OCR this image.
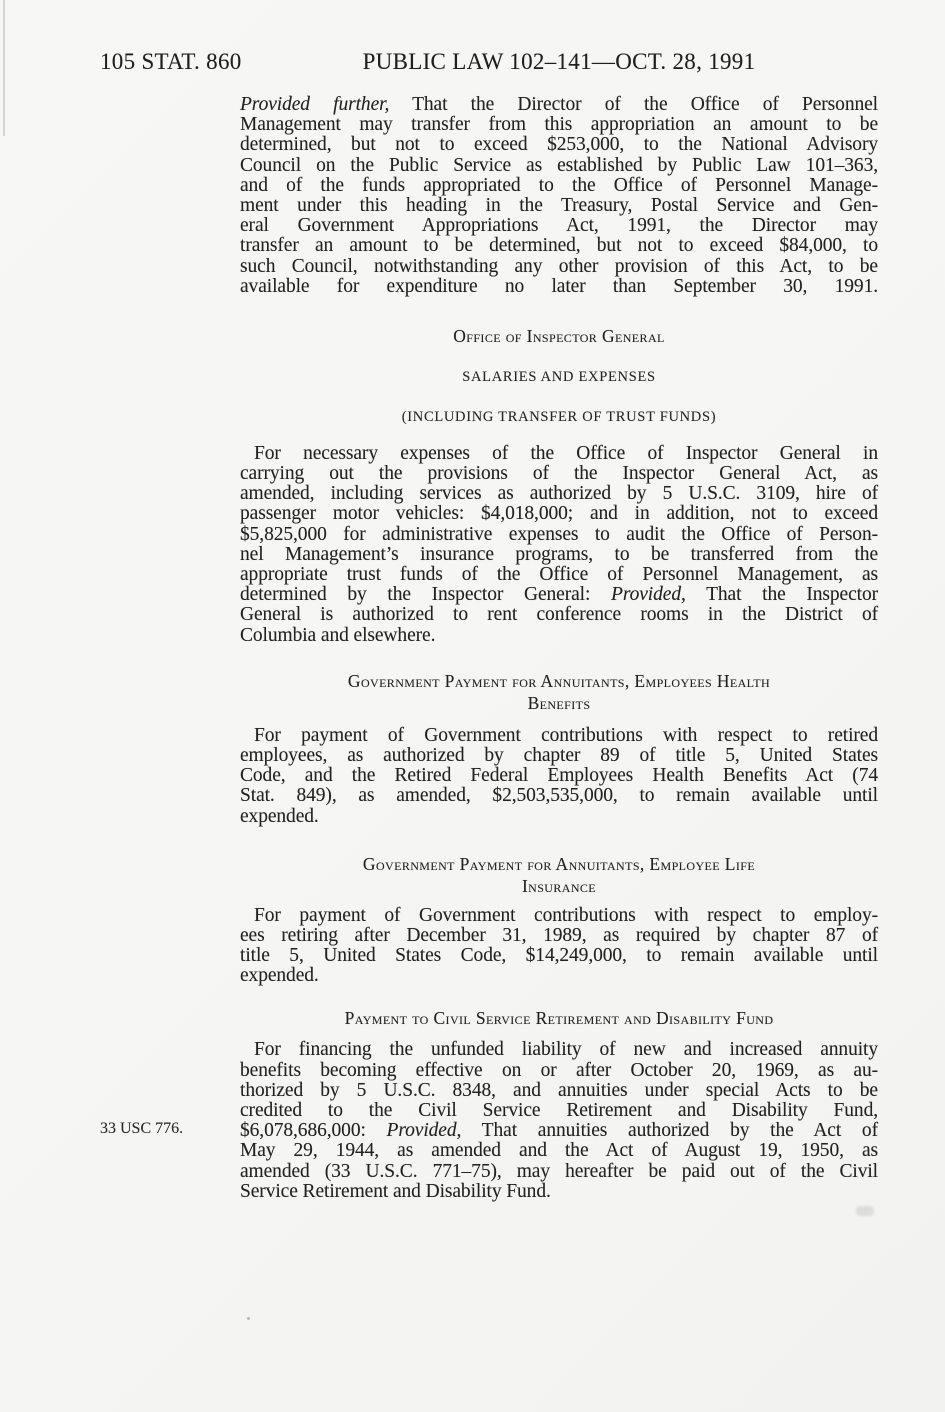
105 STAT. 860	PUBLIC LAW 102–141—OCT. 28, 1991
33 USC 776.
Provided further, That the Director of the Office of Personnel
Management may transfer from this appropriation an amount to be
determined, but not to exceed $253,000, to the National Advisory
Council on the Public Service as established by Public Law 101–363,
and of the funds appropriated to the Office of Personnel Manage-
ment under this heading in the Treasury, Postal Service and Gen-
eral Government Appropriations Act, 1991, the Director may
transfer an amount to be determined, but not to exceed $84,000, to
such Council, notwithstanding any other provision of this Act, to be
available for expenditure no later than September 30, 1991.
Office of Inspector General
SALARIES AND EXPENSES
(INCLUDING TRANSFER OF TRUST FUNDS)
For necessary expenses of the Office of Inspector General in
carrying out the provisions of the Inspector General Act, as
amended, including services as authorized by 5 U.S.C. 3109, hire of
passenger motor vehicles: $4,018,000; and in addition, not to exceed
$5,825,000 for administrative expenses to audit the Office of Person-
nel Management’s insurance programs, to be transferred from the
appropriate trust funds of the Office of Personnel Management, as
determined by the Inspector General: Provided, That the Inspector
General is authorized to rent conference rooms in the District of
Columbia and elsewhere.
Government Payment for Annuitants, Employees Health
Benefits
For payment of Government contributions with respect to retired
employees, as authorized by chapter 89 of title 5, United States
Code, and the Retired Federal Employees Health Benefits Act (74
Stat. 849), as amended, $2,503,535,000, to remain available until
expended.
Government Payment for Annuitants, Employee Life
Insurance
For payment of Government contributions with respect to employ-
ees retiring after December 31, 1989, as required by chapter 87 of
title 5, United States Code, $14,249,000, to remain available until
expended.
Payment to Civil Service Retirement and Disability Fund
For financing the unfunded liability of new and increased annuity
benefits becoming effective on or after October 20, 1969, as au-
thorized by 5 U.S.C. 8348, and annuities under special Acts to be
credited to the Civil Service Retirement and Disability Fund,
$6,078,686,000: Provided, That annuities authorized by the Act of
May 29, 1944, as amended and the Act of August 19, 1950, as
amended (33 U.S.C. 771–75), may hereafter be paid out of the Civil
Service Retirement and Disability Fund.
